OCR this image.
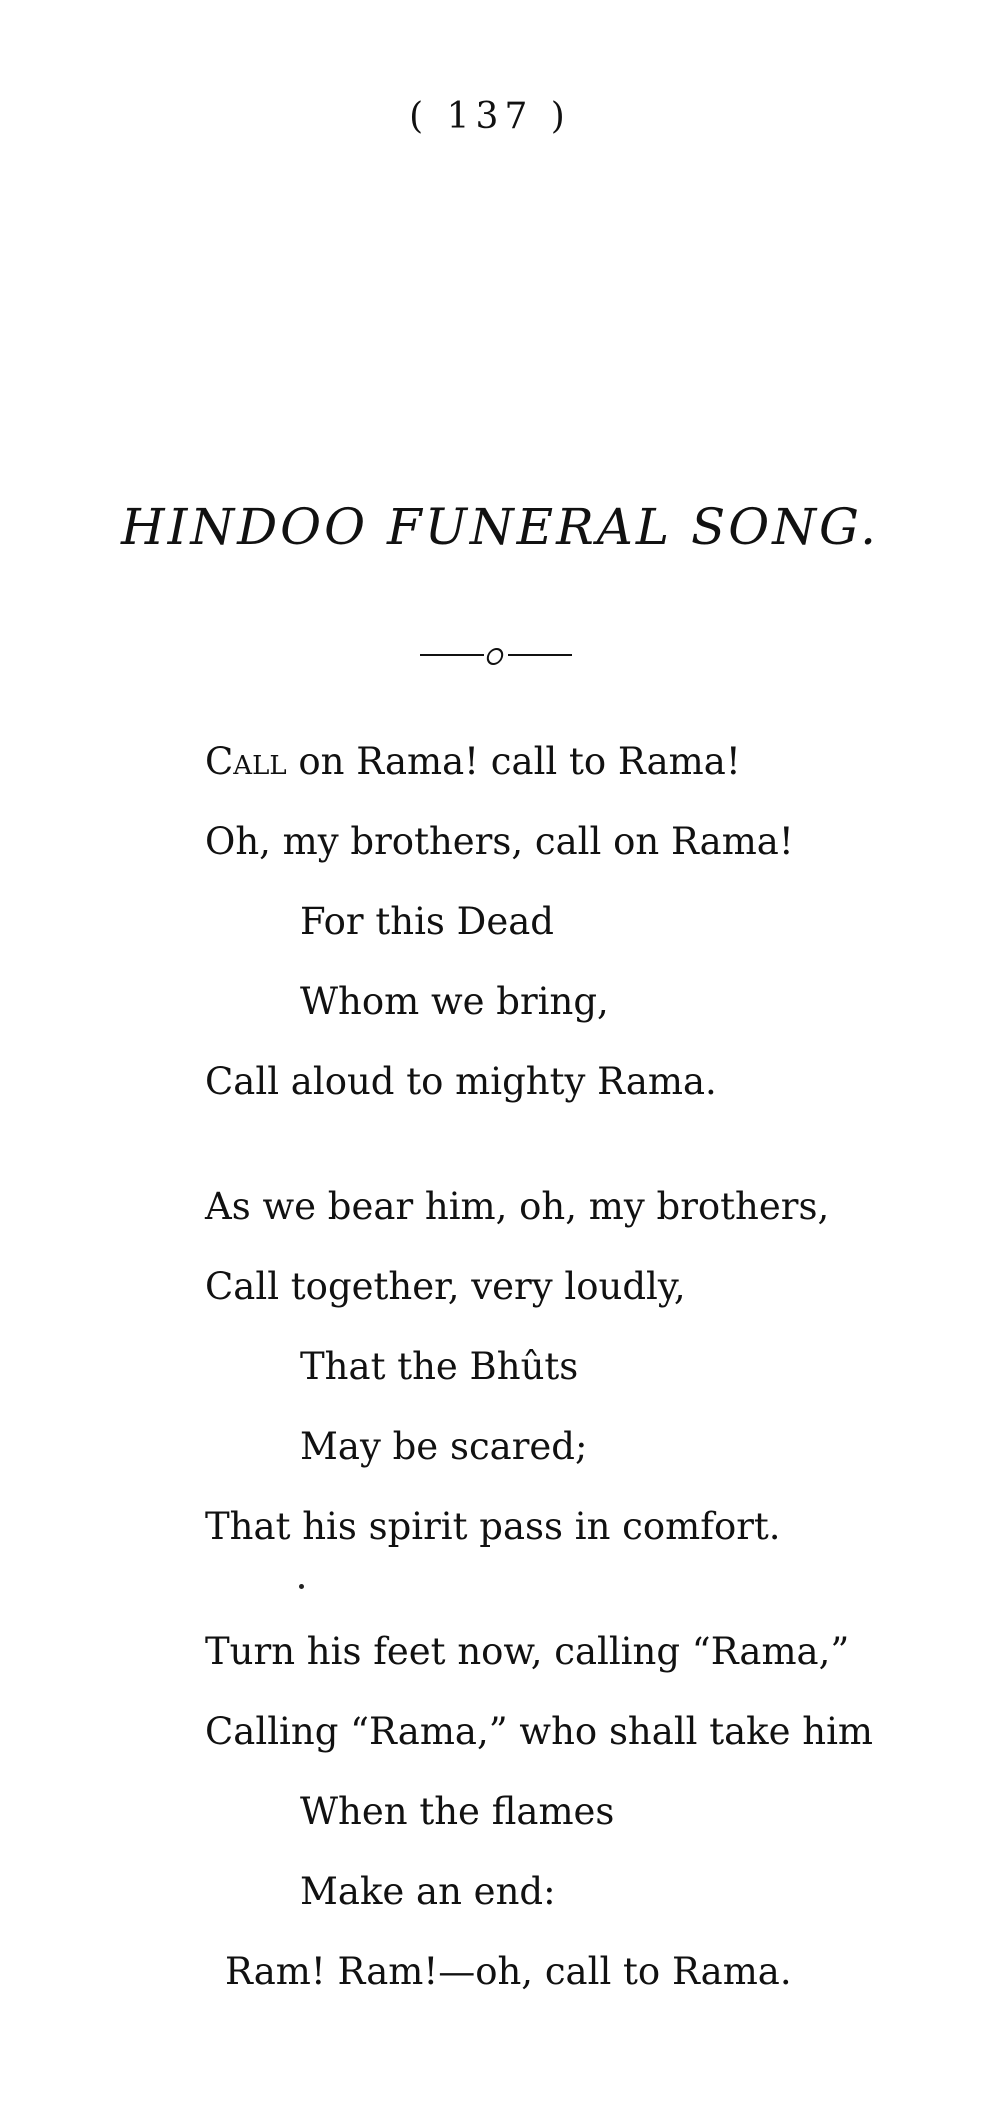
( 137 )
HINDOO FUNERAL SONG.
Call on Rama! call to Rama!
Oh, my brothers, call on Rama!
For this Dead
Whom we bring,
Call aloud to mighty Rama.
As we bear him, oh, my brothers,
Call together, very loudly,
That the Bhûts
May be scared;
That his spirit pass in comfort.
Turn his feet now, calling “Rama,”
Calling “Rama,” who shall take him
When the flames
Make an end:
Ram! Ram!—oh, call to Rama.
